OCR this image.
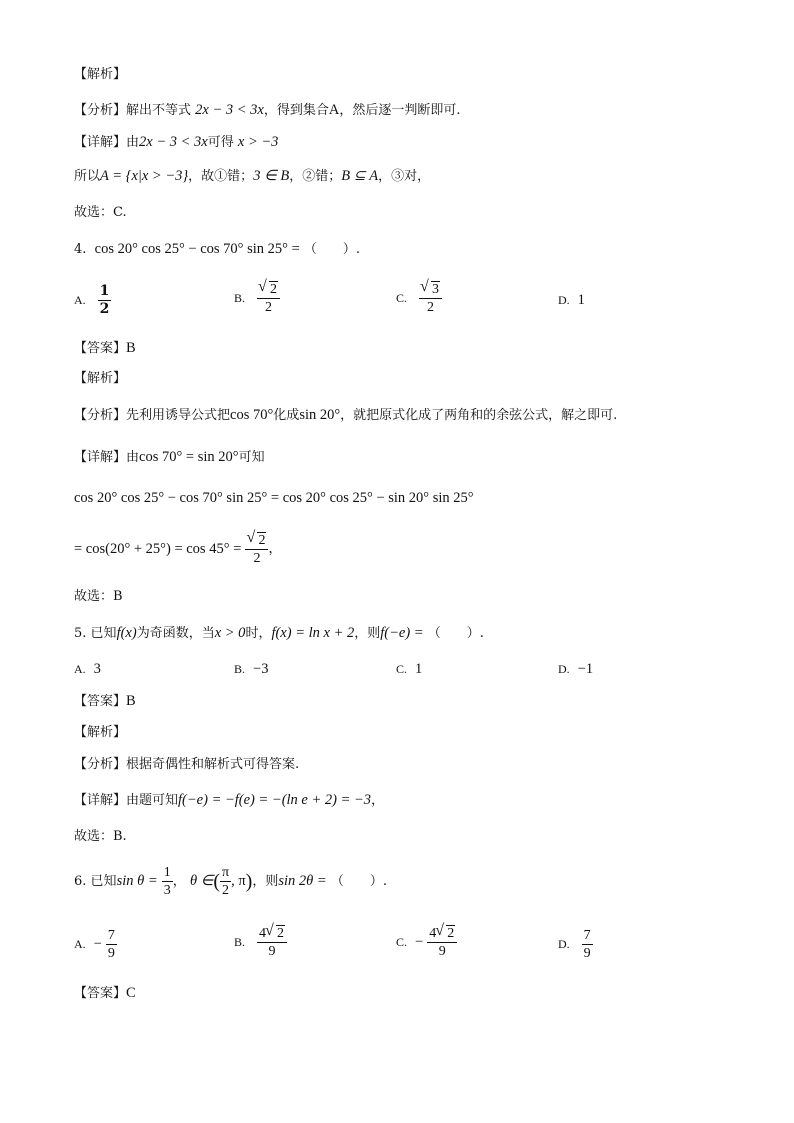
【解析】
【分析】解出不等式 2x − 3 < 3x，得到集合A，然后逐一判断即可.
【详解】由2x − 3 < 3x可得 x > −3
所以A = {x|x > −3}，故①错；3 ∈ B，②错；B ⊆ A，③对，
故选：C.
4. cos 20° cos 25° − cos 70° sin 25° = （　　）.
A. $\frac{1}{2}$	B. $\frac{√ 2}{2}$	C. $\frac{√ 3}{2}$	D. 1
【答案】B
【解析】
【分析】先利用诱导公式把cos 70°化成sin 20°，就把原式化成了两角和的余弦公式，解之即可.
【详解】由cos 70° = sin 20°可知
cos 20° cos 25° − cos 70° sin 25° = cos 20° cos 25° − sin 20° sin 25°
= $\cos(20^\circ + 25^\circ) = \cos 45^\circ = \frac{√ 2}{2}$ ，
故选：B
5. 已知f(x)为奇函数，当x > 0时，f(x) = ln x + 2，则f(−e) = （　　）.
A. 3	B. −3	C. 1	D. −1
【答案】B
【解析】
【分析】根据奇偶性和解析式可得答案.
【详解】由题可知f(−e) = −f(e) = −(ln e + 2) = −3，
故选：B.
6. 已知$\sin \theta = \frac{1}{3}$ ， θ ∈( $\frac{\pi}{2}$ , π)，则sin 2θ = （　　）.
A. − $\frac{7}{9}$	B. $\frac{4 √ 2}{9}$	C. − $\frac{4 √ 2}{9}$	D. $\frac{7}{9}$
【答案】C
